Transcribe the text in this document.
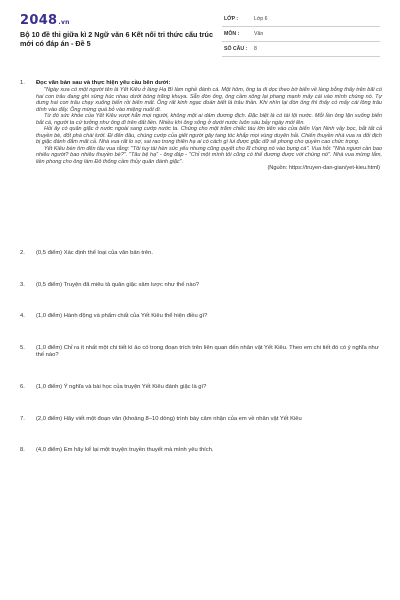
2048.vn
Bộ 10 đề thi giữa kì 2 Ngữ văn 6 Kết nối tri thức cấu trúc mới có đáp án - Đề 5
LỚP :	Lớp 6
MÔN :	Văn
SỐ CÂU : 8
1. Đọc văn bản sau và thực hiện yêu cầu bên dưới:

"Ngày xưa có một người tên là Yết Kiêu ở làng Hạ Bì làm nghề đánh cá. Một hôm, ông ta đi dọc theo bờ biển về làng bỗng thấy trên bãi có hai con trâu đang ghì sừng húc nhau dưới bóng trăng khuya. Sẵn đòn ống, ông cầm xông lại phang mạnh mấy cái vào mình chúng nó. Tự dưng hai con trâu chạy xuống biển rồi biến mất. Ông rất kinh ngạc đoán biết là trâu thần. Khi nhìn lại đòn ống thì thấy có mấy cái lông trâu dính vào đấy. Ông mừng quá bỏ vào miệng nuốt đi.

Từ đó sức khỏe của Yết Kiêu vượt hẳn mọi người, không một ai dám đương địch. Đặc biệt là có tài lội nước. Mỗi lần ông lặn xuống biển bắt cá, người ta cứ tưởng như ông đi trên đất liền. Nhiều khi ông sống ở dưới nước luôn sáu bảy ngày mới lên.

Hồi ấy có quân giặc ở nước ngoài sang cướp nước ta. Chúng cho một trăm chiếc tàu lớn tiến vào cửa biển Vạn Ninh vây bọc, bắt tất cả thuyền bè, đốt phá chài lưới. Đi đến đâu, chúng cướp của giết người gây tang tóc khắp mọi vùng duyên hải. Chiến thuyền nhà vua ra đối địch bị giặc đánh đắm mất cả. Nhà vua rất lo sợ, sai rao trong thiên hạ ai có cách gì lui được giặc dữ sẽ phong cho quyền cao chức trọng.

Yết Kiêu bèn tìm đến tâu vua rằng: "Tôi tuy tài hèn sức yếu nhưng cũng quyết cho lũ chúng nó vào bụng cá". Vua hỏi: "Nhà ngươi cần bao nhiêu người? bao nhiêu thuyền bè?". "Tâu bệ hạ" - ông đáp - "Chỉ một mình tôi cũng có thể đương được với chúng nó". Nhà vua mừng lắm, liền phong cho ông làm Đô thống cầm thủy quân đánh giặc".

(Nguồn: https://truyen-dan-gian/yet-kieu.html)
2. (0,5 điểm) Xác định thể loại của văn bản trên.
3. (0,5 điểm) Truyện đã miêu tả quân giặc xâm lược như thế nào?
4. (1,0 điểm) Hành động và phẩm chất của Yết Kiêu thể hiện điều gì?
5. (1,0 điểm) Chỉ ra ít nhất một chi tiết kì ảo có trong đoạn trích trên liên quan đến nhân vật Yết Kiêu. Theo em chi tiết đó có ý nghĩa như thế nào?
6. (1,0 điểm) Ý nghĩa và bài học của truyện Yết Kiêu đánh giặc là gì?
7. (2,0 điểm) Hãy viết một đoạn văn (khoảng 8–10 dòng) trình bày cảm nhận của em về nhân vật Yết Kiêu
8. (4,0 điểm) Em hãy kể lại một truyện truyền thuyết mà mình yêu thích.
